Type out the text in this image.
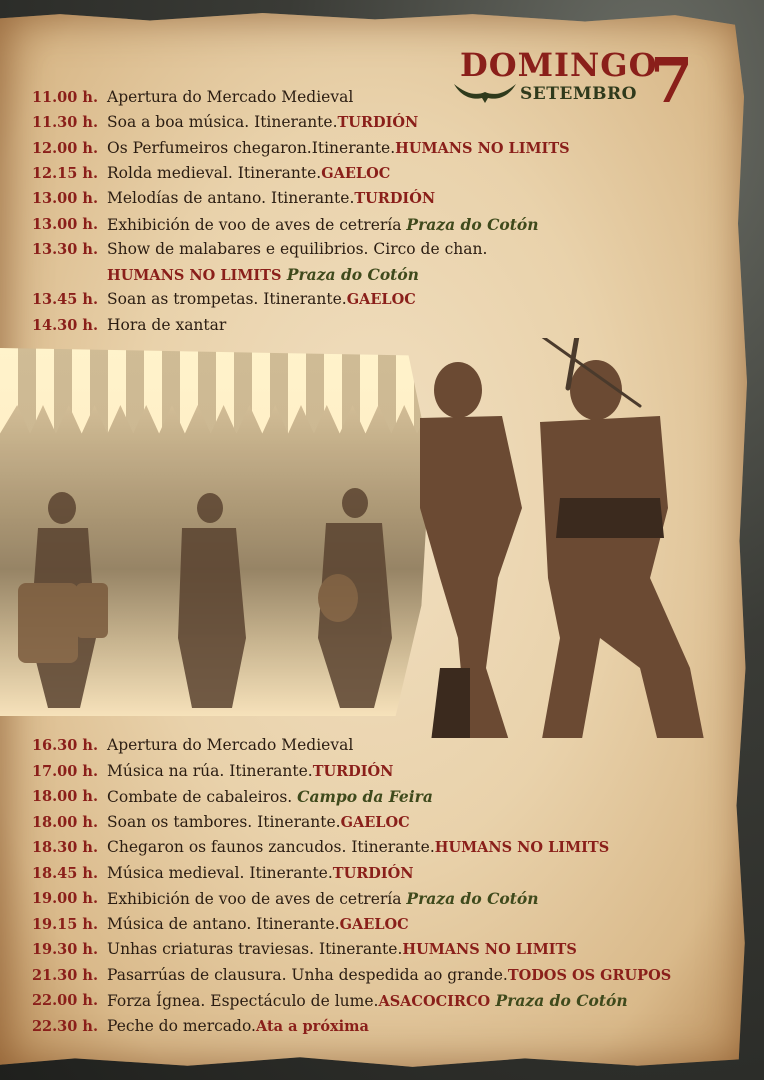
DOMINGO
SETEMBRO 7
11.00 h. Apertura do Mercado Medieval
11.30 h. Soa a boa música. Itinerante.TURDIÓN
12.00 h. Os Perfumeiros chegaron.Itinerante.HUMANS NO LIMITS
12.15 h. Rolda medieval. Itinerante.GAELOC
13.00 h. Melodías de antano. Itinerante.TURDIÓN
13.00 h. Exhibición de voo de aves de cetrería Praza do Cotón
13.30 h. Show de malabares e equilibrios. Circo de chan.
HUMANS NO LIMITS Praza do Cotón
13.45 h. Soan as trompetas. Itinerante.GAELOC
14.30 h. Hora de xantar
16.30 h. Apertura do Mercado Medieval
17.00 h. Música na rúa. Itinerante.TURDIÓN
18.00 h. Combate de cabaleiros. Campo da Feira
18.00 h. Soan os tambores. Itinerante.GAELOC
18.30 h. Chegaron os faunos zancudos. Itinerante.HUMANS NO LIMITS
18.45 h. Música medieval. Itinerante.TURDIÓN
19.00 h. Exhibición de voo de aves de cetrería Praza do Cotón
19.15 h. Música de antano. Itinerante.GAELOC
19.30 h. Unhas criaturas traviesas. Itinerante.HUMANS NO LIMITS
21.30 h. Pasarrúas de clausura. Unha despedida ao grande.TODOS OS GRUPOS
22.00 h. Forza Ígnea. Espectáculo de lume.ASACOCIRCO Praza do Cotón
22.30 h. Peche do mercado.Ata a próxima
